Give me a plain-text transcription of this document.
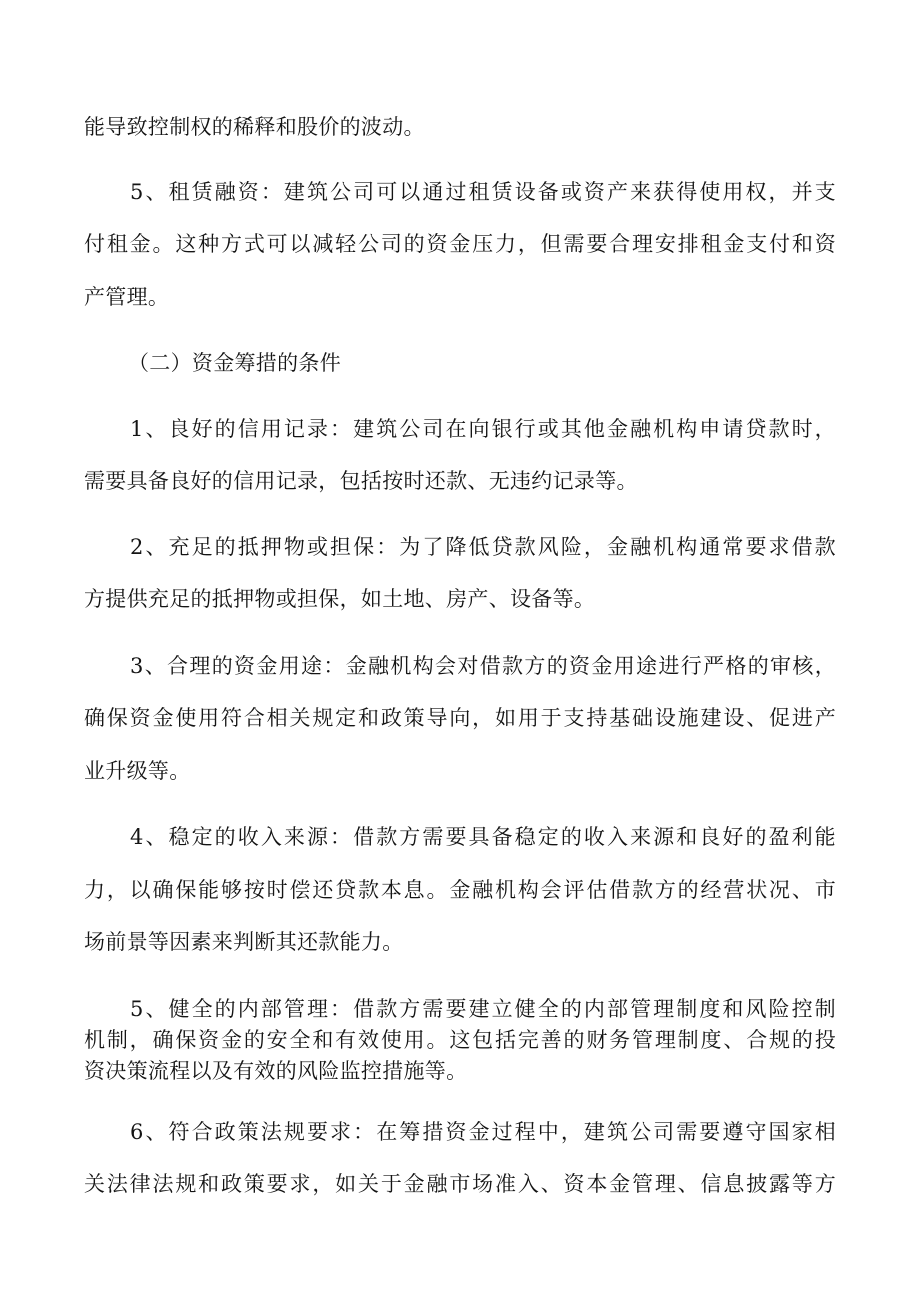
能导致控制权的稀释和股价的波动。
5、租赁融资：建筑公司可以通过租赁设备或资产来获得使用权，并支
付租金。这种方式可以减轻公司的资金压力，但需要合理安排租金支付和资
产管理。
（二）资金筹措的条件
1、良好的信用记录：建筑公司在向银行或其他金融机构申请贷款时，
需要具备良好的信用记录，包括按时还款、无违约记录等。
2、充足的抵押物或担保：为了降低贷款风险，金融机构通常要求借款
方提供充足的抵押物或担保，如土地、房产、设备等。
3、合理的资金用途：金融机构会对借款方的资金用途进行严格的审核，
确保资金使用符合相关规定和政策导向，如用于支持基础设施建设、促进产
业升级等。
4、稳定的收入来源：借款方需要具备稳定的收入来源和良好的盈利能
力，以确保能够按时偿还贷款本息。金融机构会评估借款方的经营状况、市
场前景等因素来判断其还款能力。
5、健全的内部管理：借款方需要建立健全的内部管理制度和风险控制
机制，确保资金的安全和有效使用。这包括完善的财务管理制度、合规的投
资决策流程以及有效的风险监控措施等。
6、符合政策法规要求：在筹措资金过程中，建筑公司需要遵守国家相
关法律法规和政策要求，如关于金融市场准入、资本金管理、信息披露等方
